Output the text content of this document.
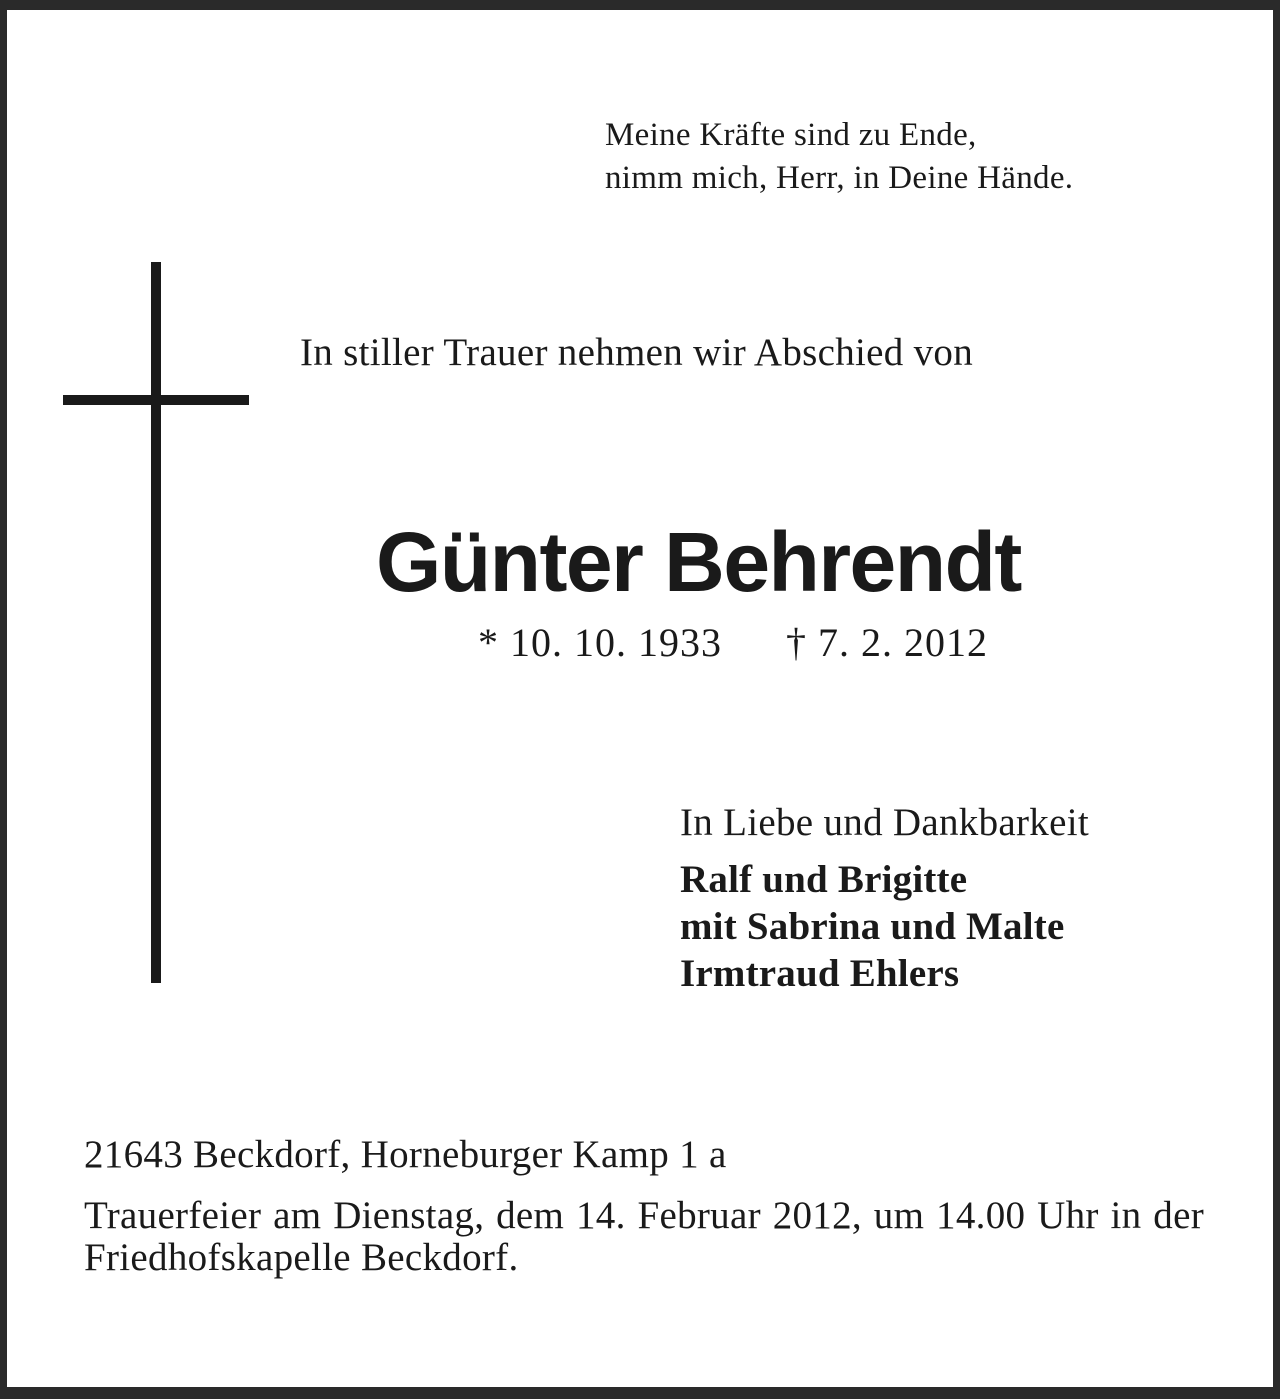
Meine Kräfte sind zu Ende,
nimm mich, Herr, in Deine Hände.
In stiller Trauer nehmen wir Abschied von
Günter Behrendt
* 10. 10. 1933 † 7. 2. 2012
In Liebe und Dankbarkeit
Ralf und Brigitte
mit Sabrina und Malte
Irmtraud Ehlers
21643 Beckdorf, Horneburger Kamp 1 a
Trauerfeier am Dienstag, dem 14. Februar 2012, um 14.00 Uhr in der Friedhofskapelle Beckdorf.
